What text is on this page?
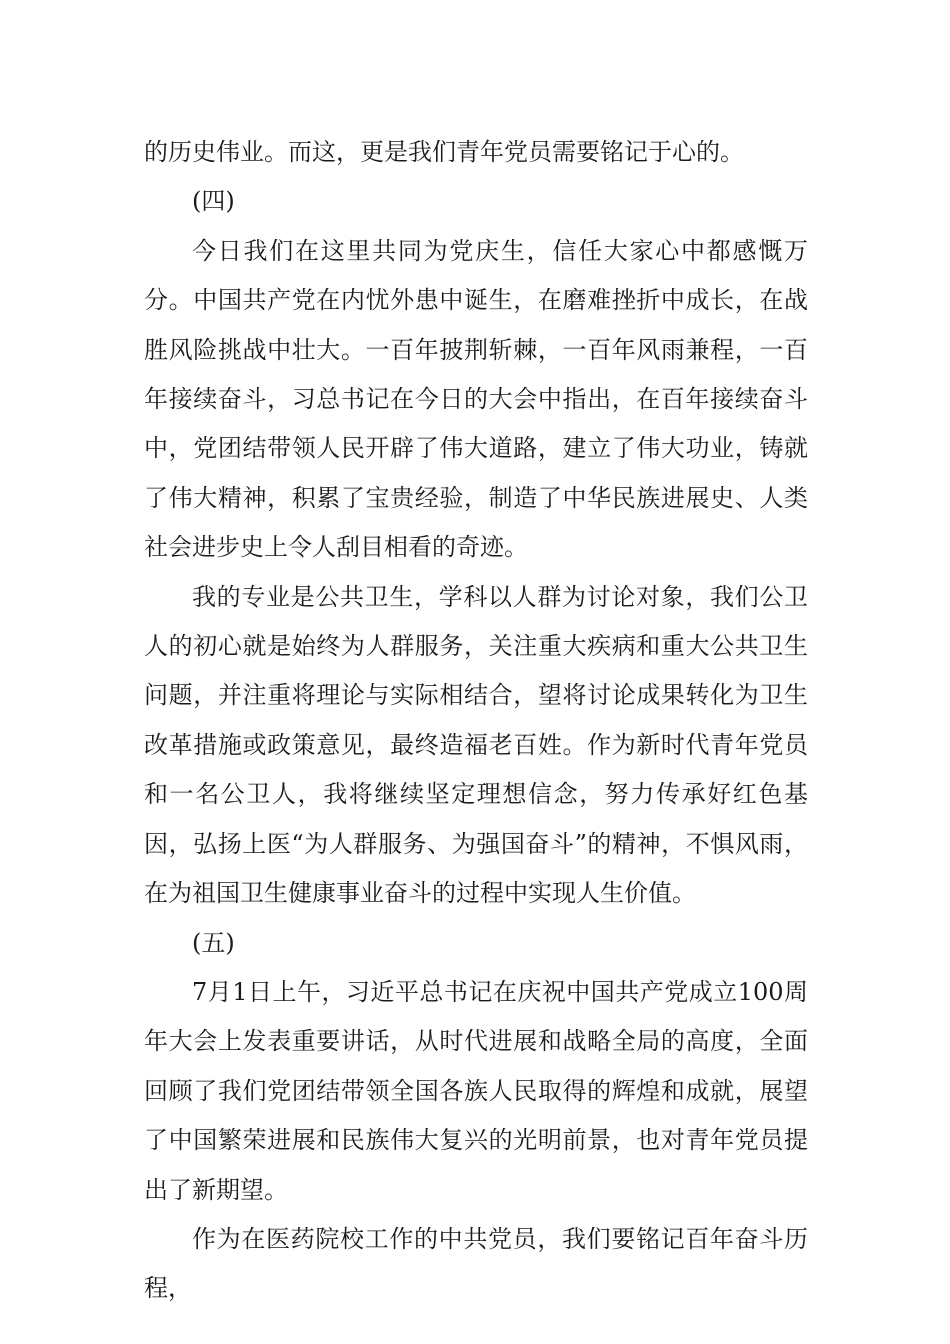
的历史伟业。而这，更是我们青年党员需要铭记于心的。

(四)

今日我们在这里共同为党庆生，信任大家心中都感慨万分。中国共产党在内忧外患中诞生，在磨难挫折中成长，在战胜风险挑战中壮大。一百年披荆斩棘，一百年风雨兼程，一百年接续奋斗，习总书记在今日的大会中指出，在百年接续奋斗中，党团结带领人民开辟了伟大道路，建立了伟大功业，铸就了伟大精神，积累了宝贵经验，制造了中华民族进展史、人类社会进步史上令人刮目相看的奇迹。

我的专业是公共卫生，学科以人群为讨论对象，我们公卫人的初心就是始终为人群服务，关注重大疾病和重大公共卫生问题，并注重将理论与实际相结合，望将讨论成果转化为卫生改革措施或政策意见，最终造福老百姓。作为新时代青年党员和一名公卫人，我将继续坚定理想信念，努力传承好红色基因，弘扬上医“为人群服务、为强国奋斗”的精神，不惧风雨，在为祖国卫生健康事业奋斗的过程中实现人生价值。

(五)

7月1日上午，习近平总书记在庆祝中国共产党成立100周年大会上发表重要讲话，从时代进展和战略全局的高度，全面回顾了我们党团结带领全国各族人民取得的辉煌和成就，展望了中国繁荣进展和民族伟大复兴的光明前景，也对青年党员提出了新期望。

作为在医药院校工作的中共党员，我们要铭记百年奋斗历程，
